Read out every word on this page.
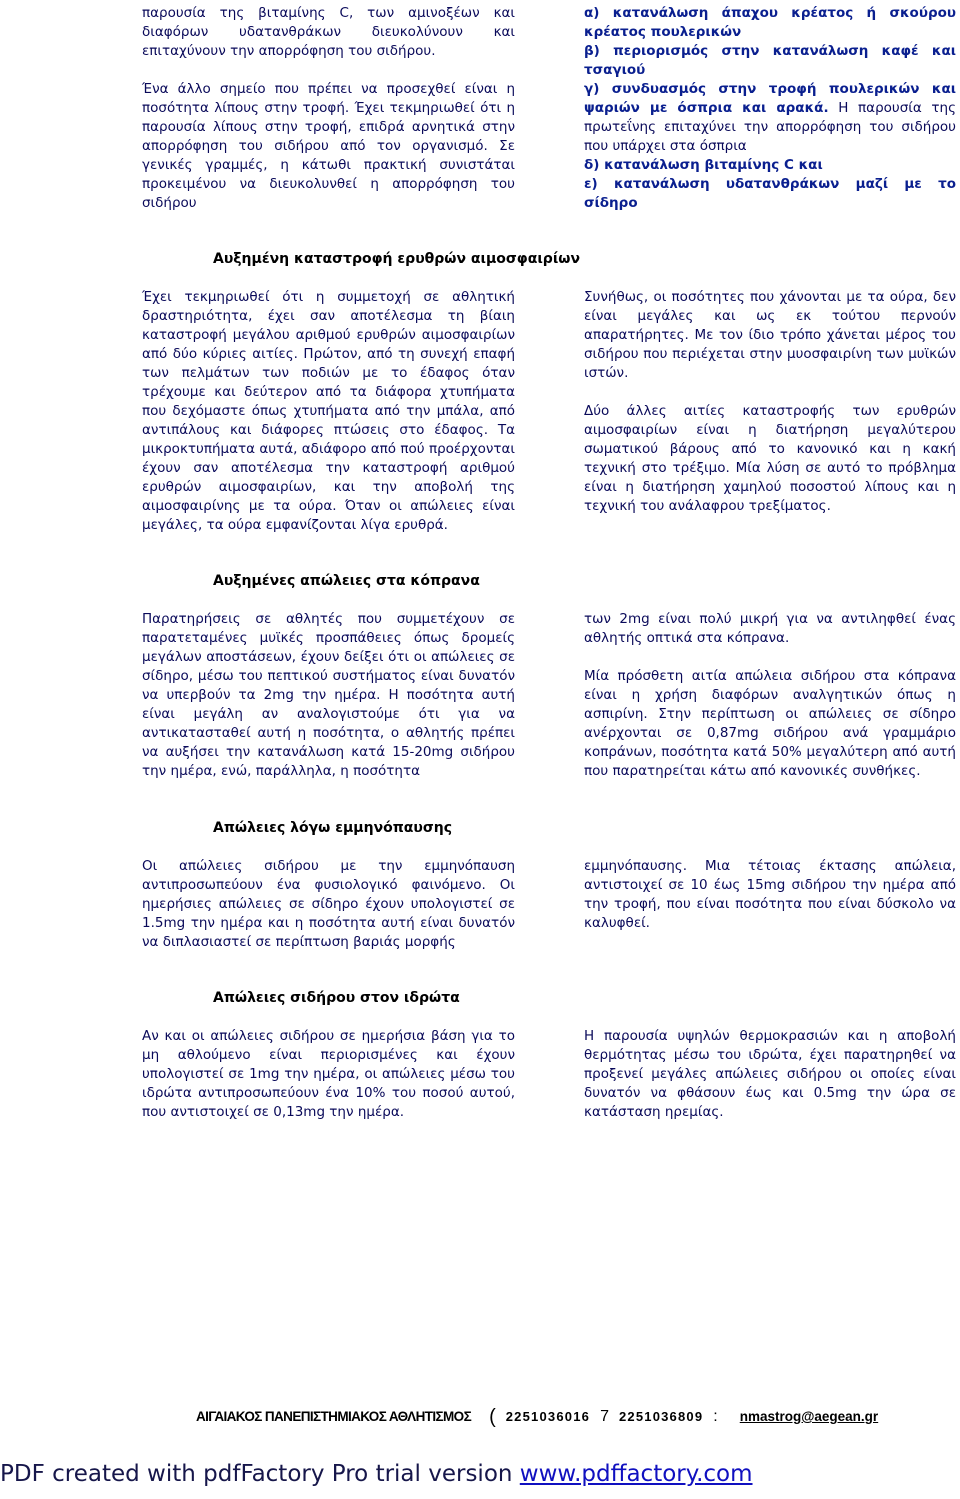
παρουσία της βιταμίνης C, των αμινοξέων και διαφόρων υδατανθράκων διευκολύνουν και επιταχύνουν την απορρόφηση του σιδήρου.

Ένα άλλο σημείο που πρέπει να προσεχθεί είναι η ποσότητα λίπους στην τροφή. Έχει τεκμηριωθεί ότι η παρουσία λίπους στην τροφή, επιδρά αρνητικά στην απορρόφηση του σιδήρου από τον οργανισμό. Σε γενικές γραμμές, η κάτωθι πρακτική συνιστάται προκειμένου να διευκολυνθεί η απορρόφηση του σιδήρου

α) κατανάλωση άπαχου κρέατος ή σκούρου κρέατος πουλερικών

β) περιορισμός στην κατανάλωση καφέ και τσαγιού

γ) συνδυασμός στην τροφή πουλερικών και ψαριών με όσπρια και αρακά. Η παρουσία της πρωτεΐνης επιταχύνει την απορρόφηση του σιδήρου που υπάρχει στα όσπρια

δ) κατανάλωση βιταμίνης C και

ε) κατανάλωση υδατανθράκων μαζί με το σίδηρο

Αυξημένη καταστροφή ερυθρών αιμοσφαιρίων

Έχει τεκμηριωθεί ότι η συμμετοχή σε αθλητική δραστηριότητα, έχει σαν αποτέλεσμα τη βίαιη καταστροφή μεγάλου αριθμού ερυθρών αιμοσφαιρίων από δύο κύριες αιτίες. Πρώτον, από τη συνεχή επαφή των πελμάτων των ποδιών με το έδαφος όταν τρέχουμε και δεύτερον από τα διάφορα χτυπήματα που δεχόμαστε όπως χτυπήματα από την μπάλα, από αντιπάλους και διάφορες πτώσεις στο έδαφος. Τα μικροκτυπήματα αυτά, αδιάφορο από πού προέρχονται έχουν σαν αποτέλεσμα την καταστροφή αριθμού ερυθρών αιμοσφαιρίων, και την αποβολή της αιμοσφαιρίνης με τα ούρα. Όταν οι απώλειες είναι μεγάλες, τα ούρα εμφανίζονται λίγα ερυθρά.

Συνήθως, οι ποσότητες που χάνονται με τα ούρα, δεν είναι μεγάλες και ως εκ τούτου περνούν απαρατήρητες. Με τον ίδιο τρόπο χάνεται μέρος του σιδήρου που περιέχεται στην μυοσφαιρίνη των μυϊκών ιστών.

Δύο άλλες αιτίες καταστροφής των ερυθρών αιμοσφαιρίων είναι η διατήρηση μεγαλύτερου σωματικού βάρους από το κανονικό και η κακή τεχνική στο τρέξιμο. Μία λύση σε αυτό το πρόβλημα είναι η διατήρηση χαμηλού ποσοστού λίπους και η τεχνική του ανάλαφρου τρεξίματος.

Αυξημένες απώλειες στα κόπρανα

Παρατηρήσεις σε αθλητές που συμμετέχουν σε παρατεταμένες μυϊκές προσπάθειες όπως δρομείς μεγάλων αποστάσεων, έχουν δείξει ότι οι απώλειες σε σίδηρο, μέσω του πεπτικού συστήματος είναι δυνατόν να υπερβούν τα 2mg την ημέρα. Η ποσότητα αυτή είναι μεγάλη αν αναλογιστούμε ότι για να αντικατασταθεί αυτή η ποσότητα, ο αθλητής πρέπει να αυξήσει την κατανάλωση κατά 15-20mg σιδήρου την ημέρα, ενώ, παράλληλα, η ποσότητα

των 2mg είναι πολύ μικρή για να αντιληφθεί ένας αθλητής οπτικά στα κόπρανα.

Μία πρόσθετη αιτία απώλεια σιδήρου στα κόπρανα είναι η χρήση διαφόρων αναλγητικών όπως η ασπιρίνη. Στην περίπτωση οι απώλειες σε σίδηρο ανέρχονται σε 0,87mg σιδήρου ανά γραμμάριο κοπράνων, ποσότητα κατά 50% μεγαλύτερη από αυτή που παρατηρείται κάτω από κανονικές συνθήκες.

Απώλειες λόγω εμμηνόπαυσης

Οι απώλειες σιδήρου με την εμμηνόπαυση αντιπροσωπεύουν ένα φυσιολογικό φαινόμενο. Οι ημερήσιες απώλειες σε σίδηρο έχουν υπολογιστεί σε 1.5mg την ημέρα και η ποσότητα αυτή είναι δυνατόν να διπλασιαστεί σε περίπτωση βαριάς μορφής

εμμηνόπαυσης. Μια τέτοιας έκτασης απώλεια, αντιστοιχεί σε 10 έως 15mg σιδήρου την ημέρα από την τροφή, που είναι ποσότητα που είναι δύσκολο να καλυφθεί.

Απώλειες σιδήρου στον ιδρώτα

Αν και οι απώλειες σιδήρου σε ημερήσια βάση για το μη αθλούμενο είναι περιορισμένες και έχουν υπολογιστεί σε 1mg την ημέρα, οι απώλειες μέσω του ιδρώτα αντιπροσωπεύουν ένα 10% του ποσού αυτού, που αντιστοιχεί σε 0,13mg την ημέρα.

Η παρουσία υψηλών θερμοκρασιών και η αποβολή θερμότητας μέσω του ιδρώτα, έχει παρατηρηθεί να προξενεί μεγάλες απώλειες σιδήρου οι οποίες είναι δυνατόν να φθάσουν έως και 0.5mg την ώρα σε κατάσταση ηρεμίας.

ΑΙΓΑΙΑΚΟΣ ΠΑΝΕΠΙΣΤΗΜΙΑΚΟΣ ΑΘΛΗΤΙΣΜΟΣ ( 2251036016 7 2251036809 : nmastrog@aegean.gr
PDF created with pdfFactory Pro trial version www.pdffactory.com
